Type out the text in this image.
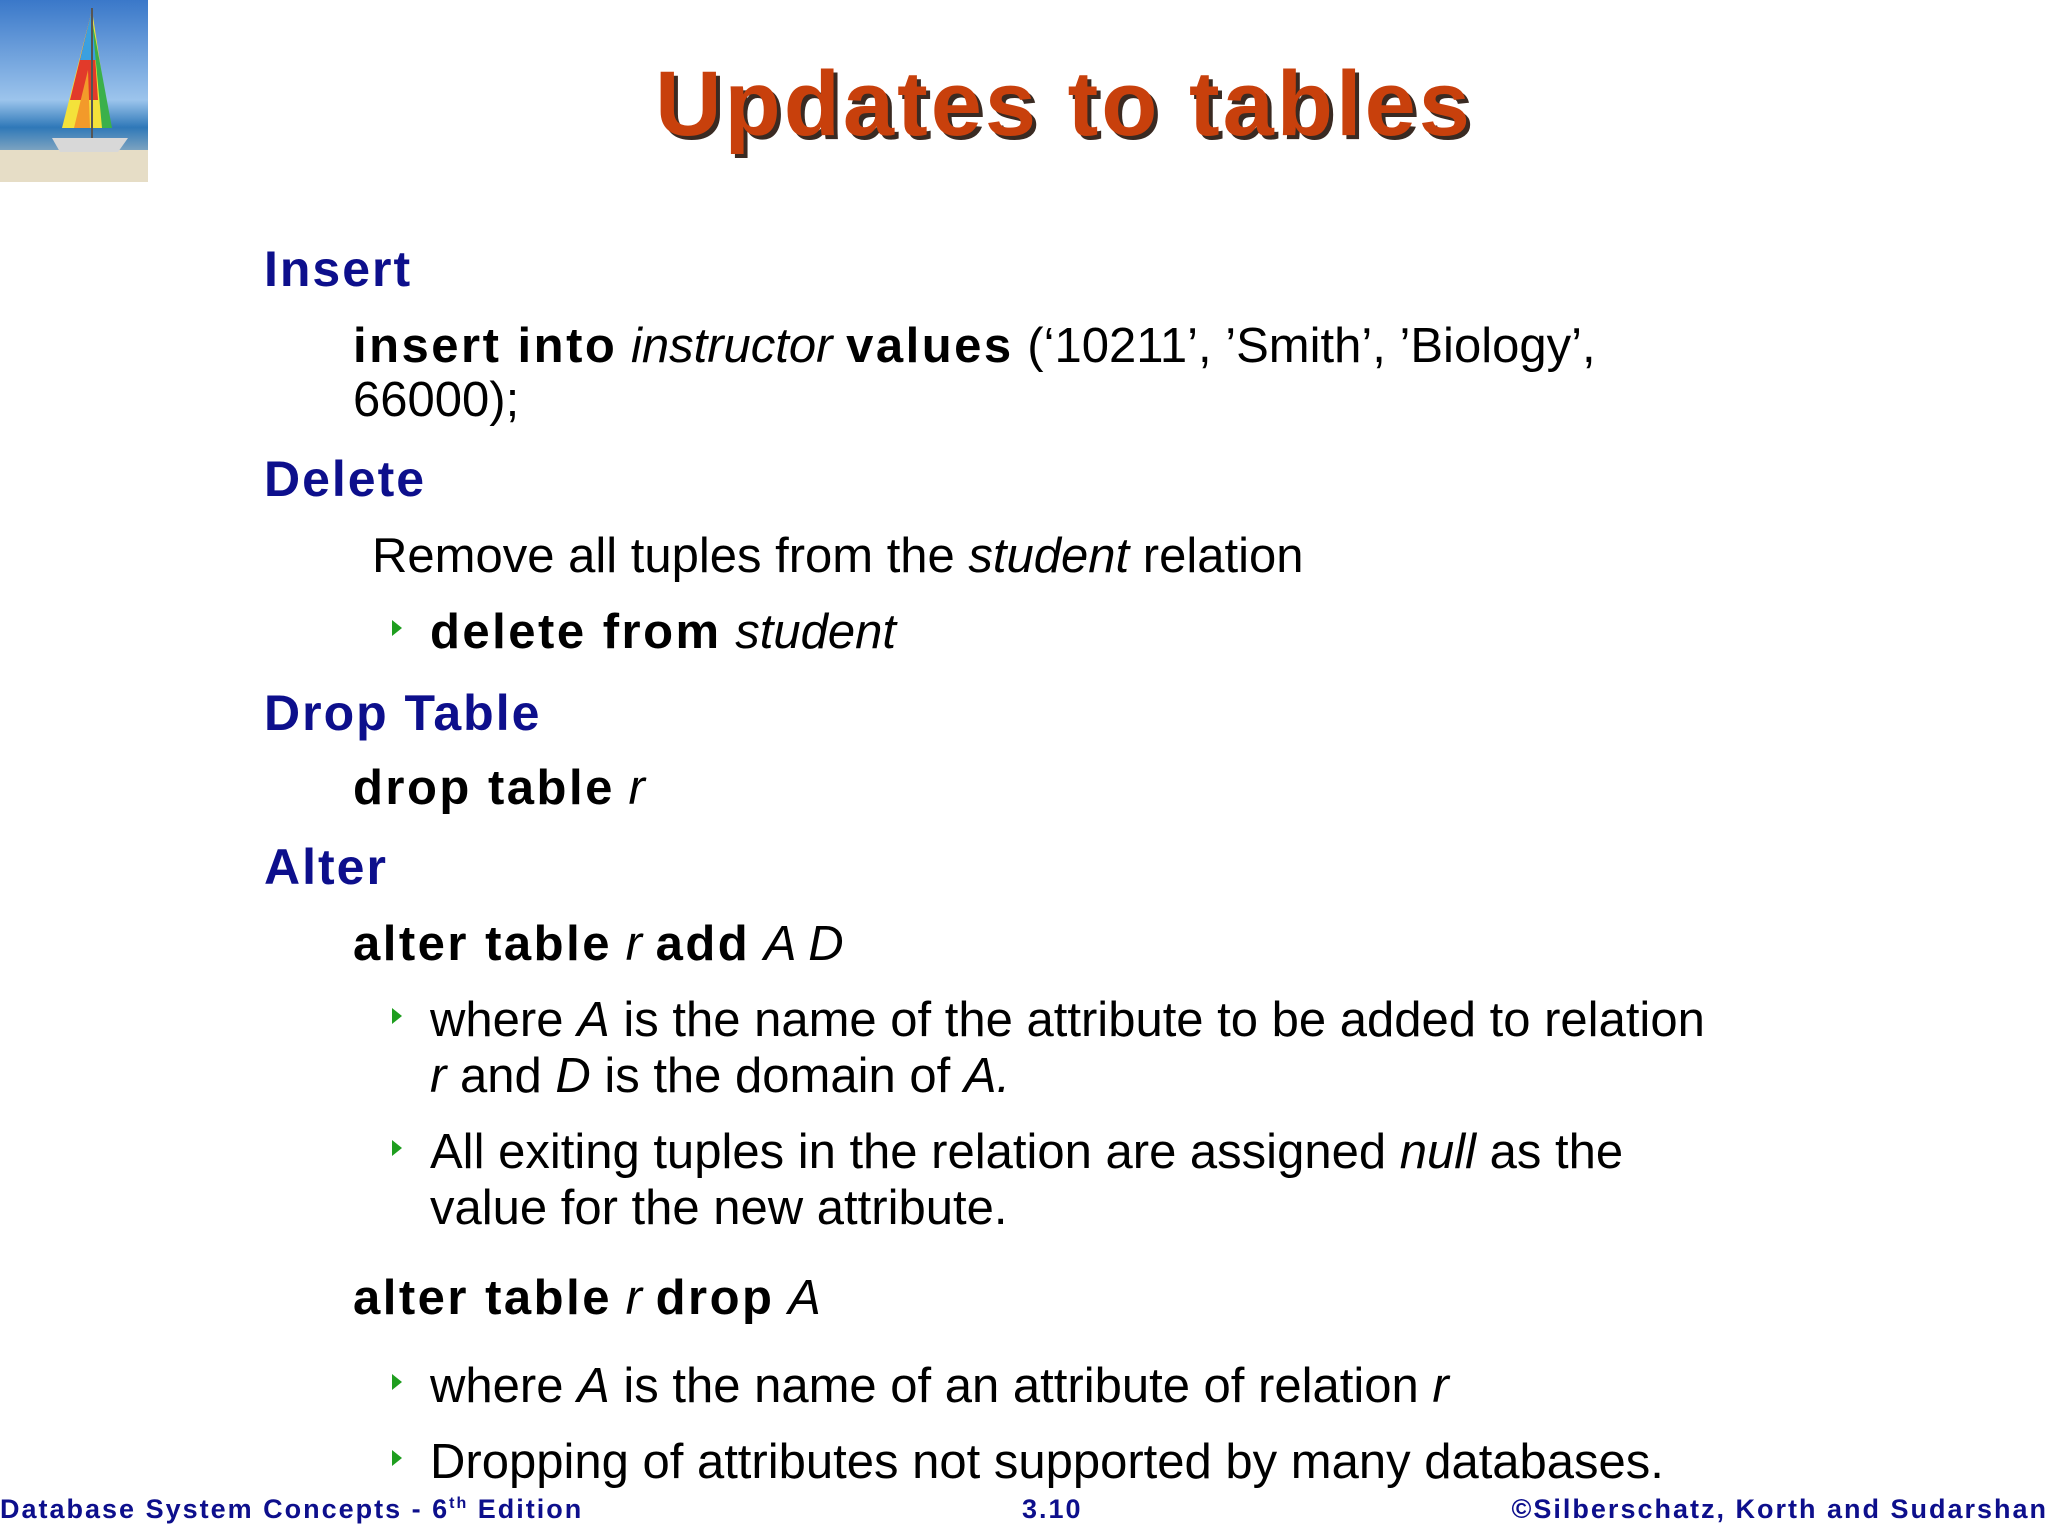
Updates to tables
Insert
insert into instructor values (‘10211’, ’Smith’, ’Biology’,
66000);
Delete
Remove all tuples from the student relation
delete from student
Drop Table
drop table r
Alter
alter table r add A D
where A is the name of the attribute to be added to relation
r and D is the domain of A.
All exiting tuples in the relation are assigned null as the
value for the new attribute.
alter table r drop A
where A is the name of an attribute of relation r
Dropping of attributes not supported by many databases.
Database System Concepts - 6th Edition	3.10	©Silberschatz, Korth and Sudarshan
